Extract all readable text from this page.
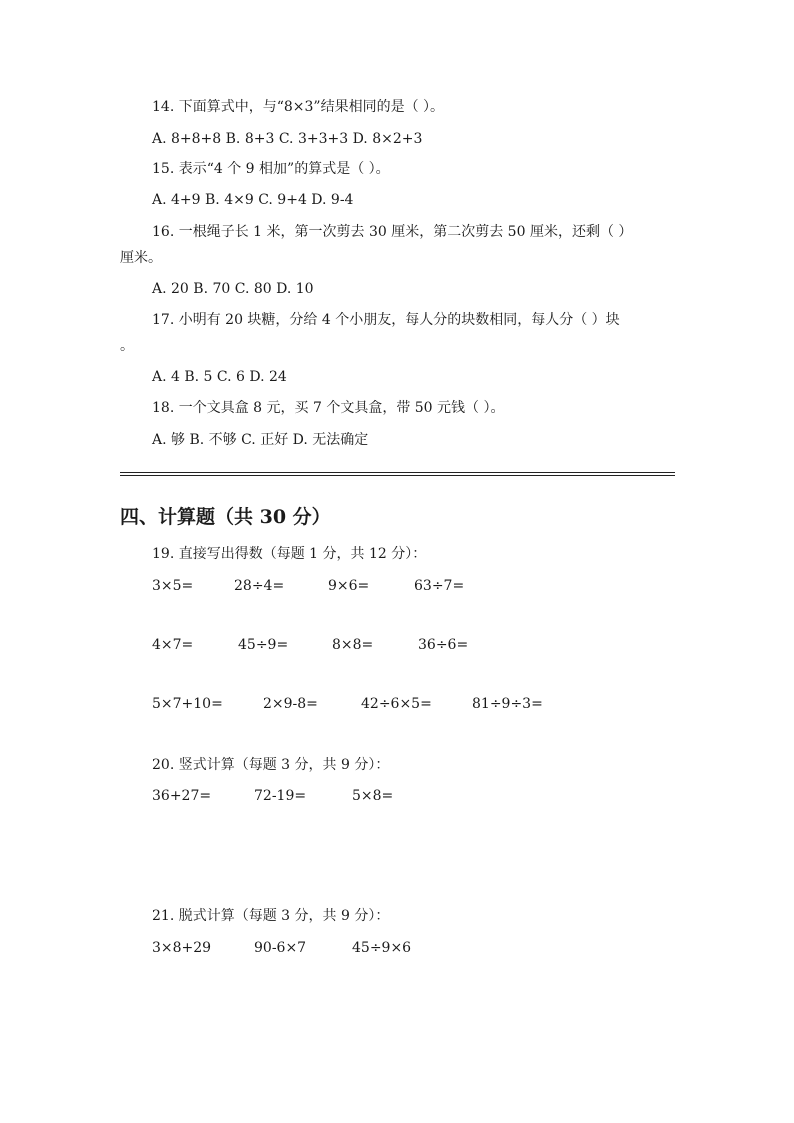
14. 下面算式中，与“8×3”结果相同的是（ ）。
A. 8+8+8 B. 8+3 C. 3+3+3 D. 8×2+3
15. 表示“4 个 9 相加”的算式是（ ）。
A. 4+9 B. 4×9 C. 9+4 D. 9-4
16. 一根绳子长 1 米，第一次剪去 30 厘米，第二次剪去 50 厘米，还剩（ ）
厘米。
A. 20 B. 70 C. 80 D. 10
17. 小明有 20 块糖，分给 4 个小朋友，每人分的块数相同，每人分（ ）块
。
A. 4 B. 5 C. 6 D. 24
18. 一个文具盒 8 元，买 7 个文具盒，带 50 元钱（ ）。
A. 够 B. 不够 C. 正好 D. 无法确定
四、计算题（共 30 分）
19. 直接写出得数（每题 1 分，共 12 分）：
3×5=	28÷4=	9×6=	63÷7=
4×7=	45÷9=	8×8=	36÷6=
5×7+10=	2×9-8=	42÷6×5=	81÷9÷3=
20. 竖式计算（每题 3 分，共 9 分）：
36+27=	72-19=	5×8=
21. 脱式计算（每题 3 分，共 9 分）：
3×8+29	90-6×7	45÷9×6
